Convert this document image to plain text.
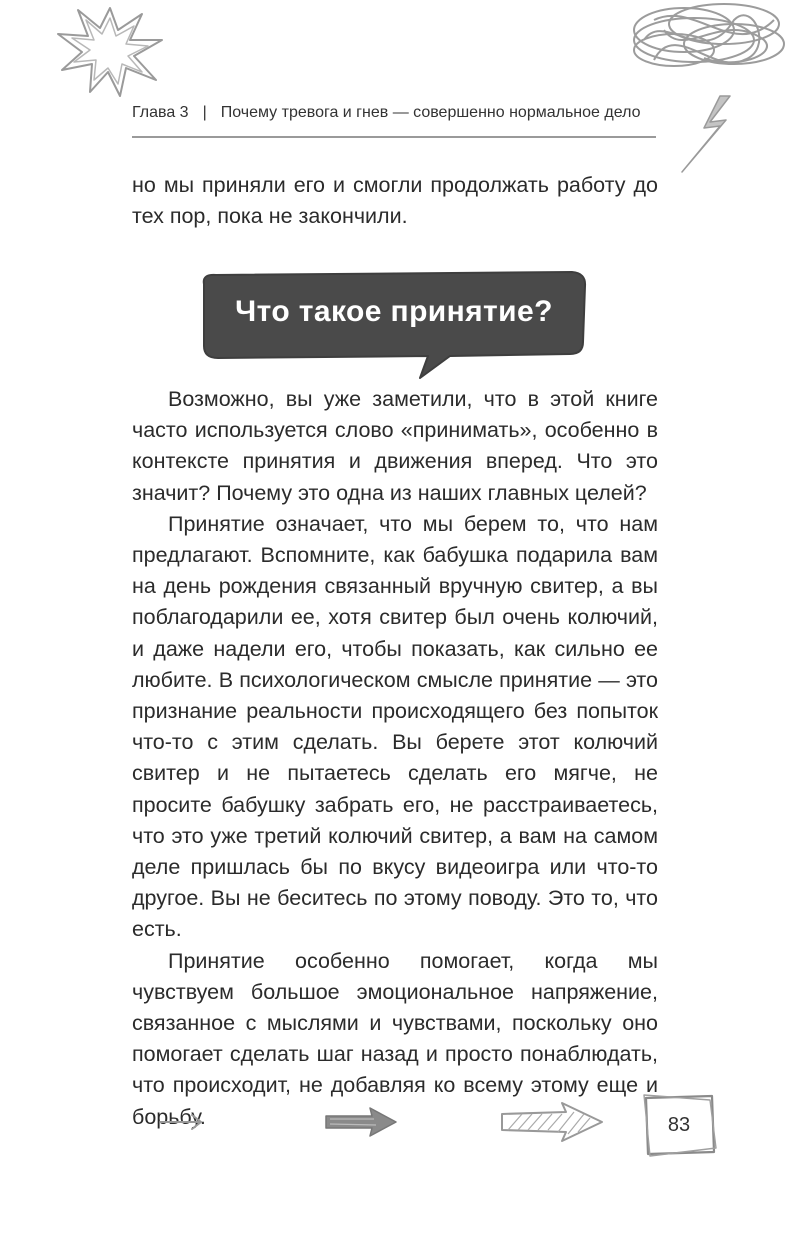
Глава 3 | Почему тревога и гнев — совершенно нормальное дело

но мы приняли его и смогли продолжать работу до тех пор, пока не закончили.

Что такое принятие?

Возможно, вы уже заметили, что в этой книге часто используется слово «принимать», особенно в контексте принятия и движения вперед. Что это значит? Почему это одна из наших главных целей?

Принятие означает, что мы берем то, что нам предлагают. Вспомните, как бабушка подарила вам на день рождения связанный вручную свитер, а вы поблагодарили ее, хотя свитер был очень колючий, и даже надели его, чтобы показать, как сильно ее любите. В психологическом смысле принятие — это признание реальности происходящего без попыток что-то с этим сделать. Вы берете этот колючий свитер и не пытаетесь сделать его мягче, не просите бабушку забрать его, не расстраиваетесь, что это уже третий колючий свитер, а вам на самом деле пришлась бы по вкусу видеоигра или что-то другое. Вы не беситесь по этому поводу. Это то, что есть.

Принятие особенно помогает, когда мы чувствуем большое эмоциональное напряжение, связанное с мыслями и чувствами, поскольку оно помогает сделать шаг назад и просто понаблюдать, что происходит, не добавляя ко всему этому еще и борьбу.	83
